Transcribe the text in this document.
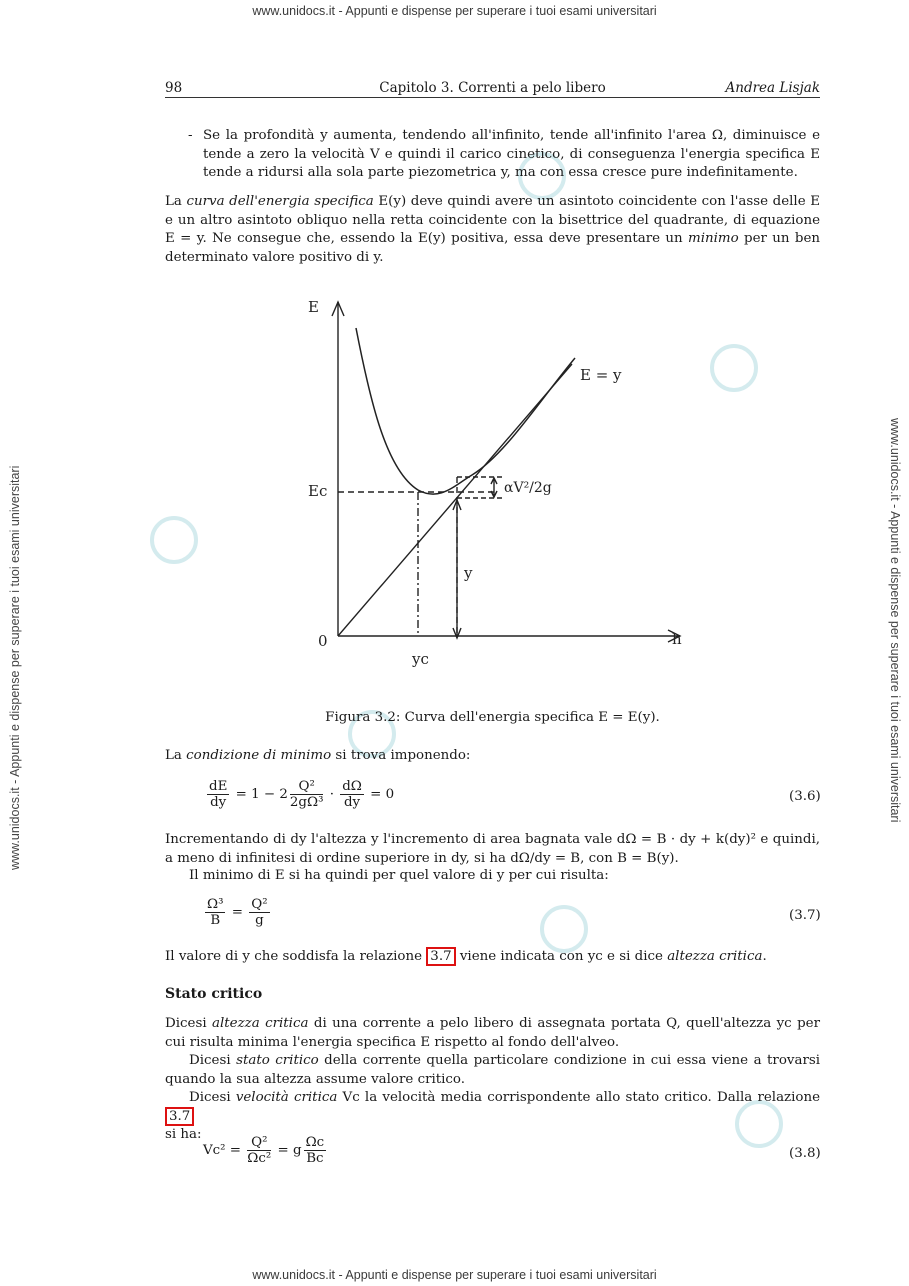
www.unidocs.it - Appunti e dispense per superare i tuoi esami universitari
www.unidocs.it - Appunti e dispense per superare i tuoi esami universitari
www.unidocs.it - Appunti e dispense per superare i tuoi esami universitari	www.unidocs.it - Appunti e dispense per superare i tuoi esami universitari
98	Capitolo 3. Correnti a pelo libero	Andrea Lisjak
- Se la profondità y aumenta, tendendo all'infinito, tende all'infinito l'area Ω, diminuisce e tende a zero la velocità V e quindi il carico cinetico, di conseguenza l'energia specifica E tende a ridursi alla sola parte piezometrica y, ma con essa cresce pure indefinitamente.
La curva dell'energia specifica E(y) deve quindi avere un asintoto coincidente con l'asse delle E e un altro asintoto obliquo nella retta coincidente con la bisettrice del quadrante, di equazione E = y. Ne consegue che, essendo la E(y) positiva, essa deve presentare un minimo per un ben determinato valore positivo di y.
E
Ec
0	h
yc
E = y
αV²/2g
y
Figura 3.2: Curva dell'energia specifica E = E(y).
La condizione di minimo si trova imponendo:
$\frac{dE}{dy} = 1 - 2 \frac{\text{Q²}}{\text{2gΩ³}} \cdot \frac{d\Omega}{dy} = 0$	(3.6)
Incrementando di dy l'altezza y l'incremento di area bagnata vale dΩ = B · dy + k(dy)² e quindi, a meno di infinitesi di ordine superiore in dy, si ha dΩ/dy = B, con B = B(y).
Il minimo di E si ha quindi per quel valore di y per cui risulta:
$\frac{\text{Ω³}}{B} = \frac{\text{Q²}}{g}$	(3.7)
Il valore di y che soddisfa la relazione 3.7 viene indicata con yc e si dice altezza critica.
Stato critico
Dicesi altezza critica di una corrente a pelo libero di assegnata portata Q, quell'altezza yc per cui risulta minima l'energia specifica E rispetto al fondo dell'alveo.
Dicesi stato critico della corrente quella particolare condizione in cui essa viene a trovarsi quando la sua altezza assume valore critico.
Dicesi velocità critica Vc la velocità media corrispondente allo stato critico. Dalla relazione 3.7
si ha:
$Vc^2 = \frac{\text{Q²}}{\text{Ωc²}} = g \frac{\Omega c}{Bc}$	(3.8)
